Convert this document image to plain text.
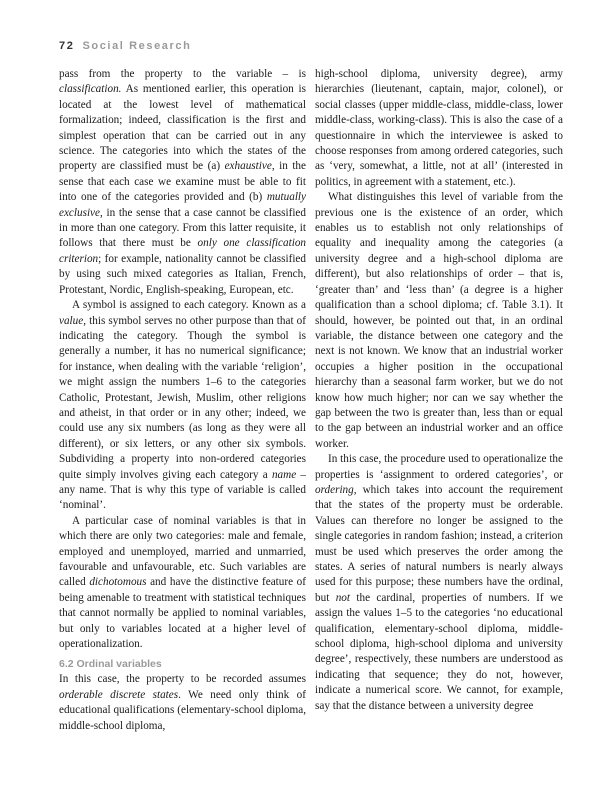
72 Social Research

pass from the property to the variable – is classification. As mentioned earlier, this operation is located at the lowest level of mathematical formalization; indeed, classification is the first and simplest operation that can be carried out in any science. The categories into which the states of the property are classified must be (a) exhaustive, in the sense that each case we examine must be able to fit into one of the categories provided and (b) mutually exclusive, in the sense that a case cannot be classified in more than one category. From this latter requisite, it follows that there must be only one classification criterion; for example, nationality cannot be classified by using such mixed categories as Italian, French, Protestant, Nordic, English-speaking, European, etc.

A symbol is assigned to each category. Known as a value, this symbol serves no other purpose than that of indicating the category. Though the symbol is generally a number, it has no numerical significance; for instance, when dealing with the variable ‘religion’, we might assign the numbers 1–6 to the categories Catholic, Protestant, Jewish, Muslim, other religions and atheist, in that order or in any other; indeed, we could use any six numbers (as long as they were all different), or six letters, or any other six symbols. Subdividing a property into non-ordered categories quite simply involves giving each category a name – any name. That is why this type of variable is called ‘nominal’.

A particular case of nominal variables is that in which there are only two categories: male and female, employed and unemployed, married and unmarried, favourable and unfavourable, etc. Such variables are called dichotomous and have the distinctive feature of being amenable to treatment with statistical techniques that cannot normally be applied to nominal variables, but only to variables located at a higher level of operationalization.

6.2 Ordinal variables

In this case, the property to be recorded assumes orderable discrete states. We need only think of educational qualifications (elementary-school diploma, middle-school diploma,

high-school diploma, university degree), army hierarchies (lieutenant, captain, major, colonel), or social classes (upper middle-class, middle-class, lower middle-class, working-class). This is also the case of a questionnaire in which the interviewee is asked to choose responses from among ordered categories, such as ‘very, somewhat, a little, not at all’ (interested in politics, in agreement with a statement, etc.).

What distinguishes this level of variable from the previous one is the existence of an order, which enables us to establish not only relationships of equality and inequality among the categories (a university degree and a high-school diploma are different), but also relationships of order – that is, ‘greater than’ and ‘less than’ (a degree is a higher qualification than a school diploma; cf. Table 3.1). It should, however, be pointed out that, in an ordinal variable, the distance between one category and the next is not known. We know that an industrial worker occupies a higher position in the occupational hierarchy than a seasonal farm worker, but we do not know how much higher; nor can we say whether the gap between the two is greater than, less than or equal to the gap between an industrial worker and an office worker.

In this case, the procedure used to operationalize the properties is ‘assignment to ordered categories’, or ordering, which takes into account the requirement that the states of the property must be orderable. Values can therefore no longer be assigned to the single categories in random fashion; instead, a criterion must be used which preserves the order among the states. A series of natural numbers is nearly always used for this purpose; these numbers have the ordinal, but not the cardinal, properties of numbers. If we assign the values 1–5 to the categories ‘no educational qualification, elementary-school diploma, middle-school diploma, high-school diploma and university degree’, respectively, these numbers are understood as indicating that sequence; they do not, however, indicate a numerical score. We cannot, for example, say that the distance between a university degree
